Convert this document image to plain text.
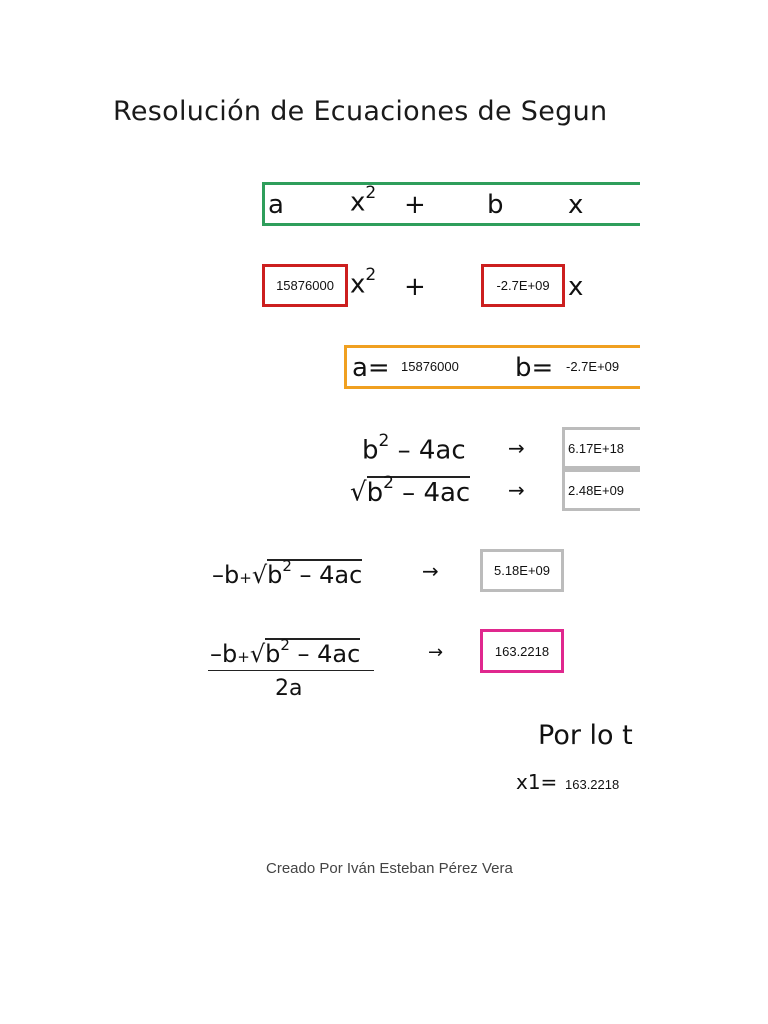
Resolución de Ecuaciones de Segun
a	$x^2 + b$ x
15876000 $x^2$ +	-2.7E+09 x
a= 15876000 b= -2.7E+09
$b^2 - 4ac$ →	6.17E+18
$√b^2 - 4ac$ →	2.48E+09
$-b+√b^2 - 4ac$	→	5.18E+09
$-b+√b^2 - 4ac$
2a
→	163.2218
Por lo t
x1= 163.2218
Creado Por Iván Esteban Pérez Vera
